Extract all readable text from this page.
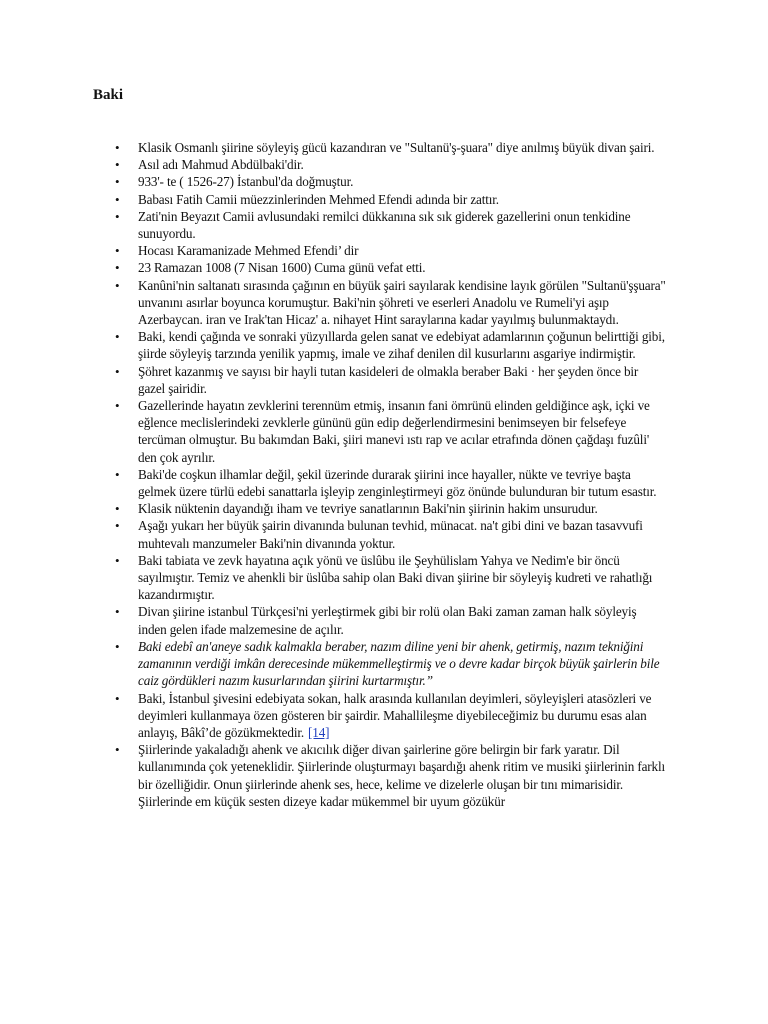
Baki
• Klasik Osmanlı şiirine söyleyiş gücü kazandıran ve "Sultanü'ş-şuara" diye anılmış büyük divan şairi.
• Asıl adı Mahmud Abdülbaki'dir.
• 933'- te ( 1526-27) İstanbul'da doğmuştur.
• Babası Fatih Camii müezzinlerinden Mehmed Efendi adında bir zattır.
• Zati'nin Beyazıt Camii avlusundaki remilci dükkanına sık sık giderek gazellerini onun tenkidine sunuyordu.
• Hocası Karamanizade Mehmed Efendi’ dir
• 23 Ramazan 1008 (7 Nisan 1600) Cuma günü vefat etti.
• Kanûni'nin saltanatı sırasında çağının en büyük şairi sayılarak kendisine layık görülen "Sultanü'şşuara" unvanını asırlar boyunca korumuştur. Baki'nin şöhreti ve eserleri Anadolu ve Rumeli'yi aşıp Azerbaycan. iran ve Irak'tan Hicaz' a. nihayet Hint saraylarına kadar yayılmış bulunmaktaydı.
• Baki, kendi çağında ve sonraki yüzyıllarda gelen sanat ve edebiyat adamlarının çoğunun belirttiği gibi, şiirde söyleyiş tarzında yenilik yapmış, imale ve zihaf denilen dil kusurlarını asgariye indirmiştir.
• Şöhret kazanmış ve sayısı bir hayli tutan kasideleri de olmakla beraber Baki · her şeyden önce bir gazel şairidir.
• Gazellerinde hayatın zevklerini terennüm etmiş, insanın fani ömrünü elinden geldiğince aşk, içki ve eğlence meclislerindeki zevklerle gününü gün edip değerlendirmesini benimseyen bir felsefeye tercüman olmuştur. Bu bakımdan Baki, şiiri manevi ıstı rap ve acılar etrafında dönen çağdaşı fuzûli' den çok ayrılır.
• Baki'de coşkun ilhamlar değil, şekil üzerinde durarak şiirini ince hayaller, nükte ve tevriye başta gelmek üzere türlü edebi sanattarla işleyip zenginleştirmeyi göz önünde bulunduran bir tutum esastır.
• Klasik nüktenin dayandığı iham ve tevriye sanatlarının Baki'nin şiirinin hakim unsurudur.
• Aşağı yukarı her büyük şairin divanında bulunan tevhid, münacat. na't gibi dini ve bazan tasavvufi muhtevalı manzumeler Baki'nin divanında yoktur.
• Baki tabiata ve zevk hayatına açık yönü ve üslûbu ile Şeyhülislam Yahya ve Nedim'e bir öncü sayılmıştır. Temiz ve ahenkli bir üslûba sahip olan Baki divan şiirine bir söyleyiş kudreti ve rahatlığı kazandırmıştır.
• Divan şiirine istanbul Türkçesi'ni yerleştirmek gibi bir rolü olan Baki zaman zaman halk söyleyiş inden gelen ifade malzemesine de açılır.
• Baki edebî an'aneye sadık kalmakla beraber, nazım diline yeni bir ahenk, getirmiş, nazım tekniğini zamanının verdiği imkân derecesinde mükemmelleştirmiş ve o devre kadar birçok büyük şairlerin bile caiz gördükleri nazım kusurlarından şiirini kurtarmıştır.”
• Baki, İstanbul şivesini edebiyata sokan, halk arasında kullanılan deyimleri, söyleyişleri atasözleri ve deyimleri kullanmaya özen gösteren bir şairdir. Mahallileşme diyebileceğimiz bu durumu esas alan anlayış, Bâkî’de gözükmektedir. [14]
• Şiirlerinde yakaladığı ahenk ve akıcılık diğer divan şairlerine göre belirgin bir fark yaratır. Dil kullanımında çok yeteneklidir. Şiirlerinde oluşturmayı başardığı ahenk ritim ve musiki şiirlerinin farklı bir özelliğidir. Onun şiirlerinde ahenk ses, hece, kelime ve dizelerle oluşan bir tını mimarisidir. Şiirlerinde em küçük sesten dizeye kadar mükemmel bir uyum gözükür
